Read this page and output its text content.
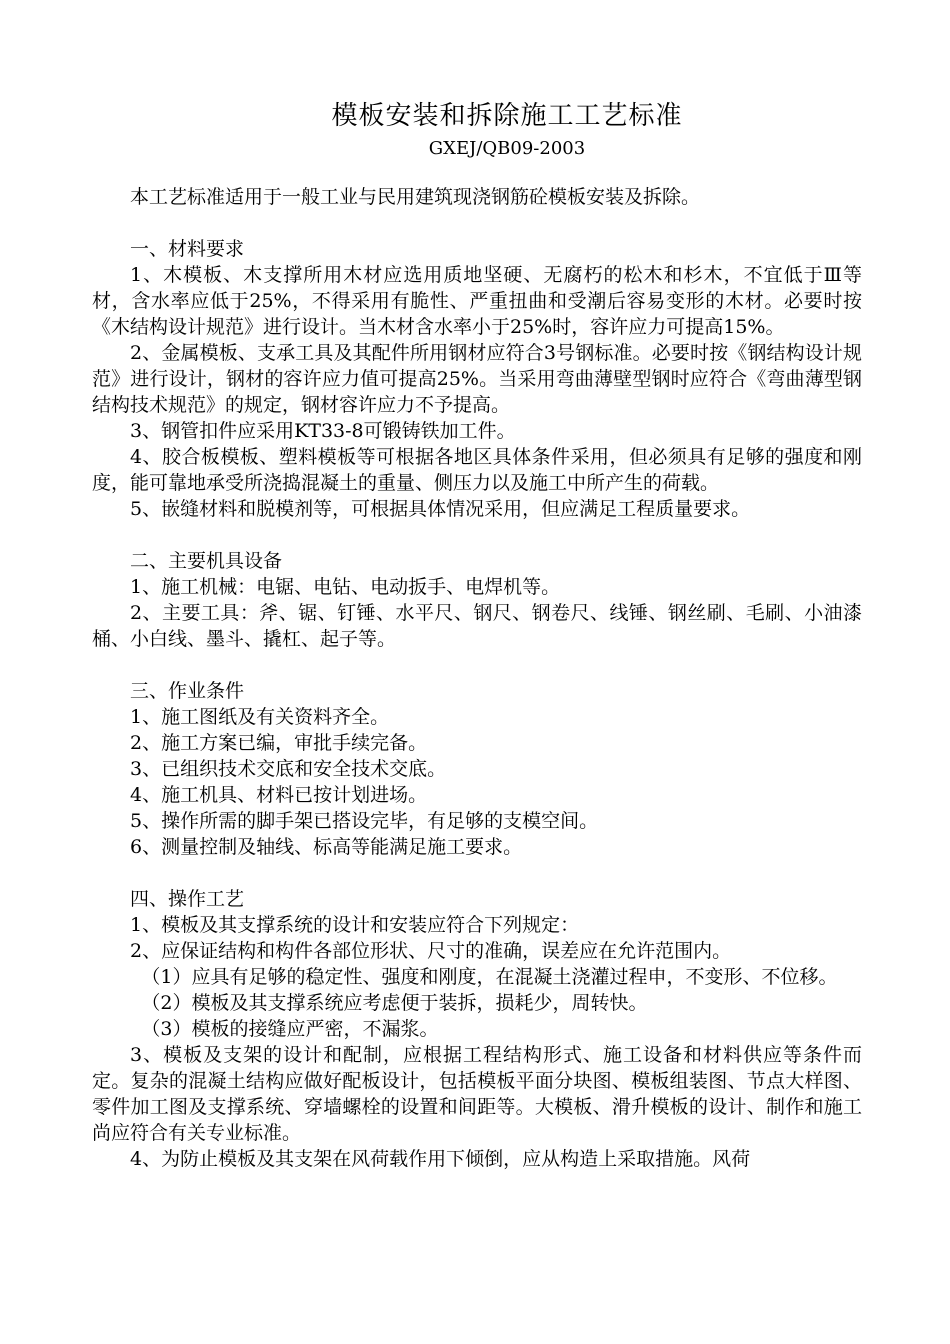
模板安装和拆除施工工艺标准
GXEJ/QB09-2003

本工艺标准适用于一般工业与民用建筑现浇钢筋砼模板安装及拆除。

一、材料要求

1、木模板、木支撑所用木材应选用质地坚硬、无腐朽的松木和杉木，不宜低于Ⅲ等材，含水率应低于25%，不得采用有脆性、严重扭曲和受潮后容易变形的木材。必要时按《木结构设计规范》进行设计。当木材含水率小于25%时，容许应力可提高15%。

2、金属模板、支承工具及其配件所用钢材应符合3号钢标准。必要时按《钢结构设计规范》进行设计，钢材的容许应力值可提高25%。当采用弯曲薄壁型钢时应符合《弯曲薄型钢结构技术规范》的规定，钢材容许应力不予提高。

3、钢管扣件应采用KT33-8可锻铸铁加工件。

4、胶合板模板、塑料模板等可根据各地区具体条件采用，但必须具有足够的强度和刚度，能可靠地承受所浇捣混凝土的重量、侧压力以及施工中所产生的荷载。

5、嵌缝材料和脱模剂等，可根据具体情况采用，但应满足工程质量要求。

二、主要机具设备

1、施工机械：电锯、电钻、电动扳手、电焊机等。

2、主要工具：斧、锯、钉锤、水平尺、钢尺、钢卷尺、线锤、钢丝刷、毛刷、小油漆桶、小白线、墨斗、撬杠、起子等。

三、作业条件

1、施工图纸及有关资料齐全。

2、施工方案已编，审批手续完备。

3、已组织技术交底和安全技术交底。

4、施工机具、材料已按计划进场。

5、操作所需的脚手架已搭设完毕，有足够的支模空间。

6、测量控制及轴线、标高等能满足施工要求。

四、操作工艺

1、模板及其支撑系统的设计和安装应符合下列规定：

2、应保证结构和构件各部位形状、尺寸的准确，误差应在允许范围内。

（1）应具有足够的稳定性、强度和刚度，在混凝土浇灌过程申，不变形、不位移。

（2）模板及其支撑系统应考虑便于装拆，损耗少，周转快。

（3）模板的接缝应严密，不漏浆。

3、模板及支架的设计和配制，应根据工程结构形式、施工设备和材料供应等条件而定。复杂的混凝土结构应做好配板设计，包括模板平面分块图、模板组装图、节点大样图、零件加工图及支撑系统、穿墙螺栓的设置和间距等。大模板、滑升模板的设计、制作和施工尚应符合有关专业标准。

4、为防止模板及其支架在风荷载作用下倾倒，应从构造上采取措施。风荷
